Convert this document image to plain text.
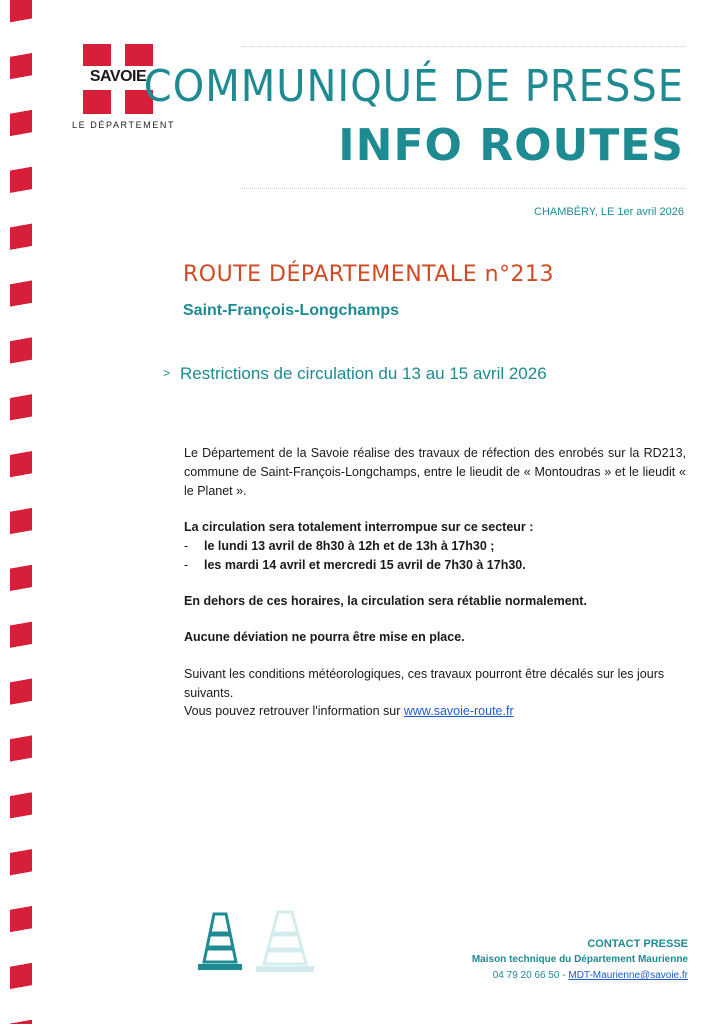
SAVOIE
LE DÉPARTEMENT
COMMUNIQUÉ DE PRESSE
INFO ROUTES
CHAMBÉRY, LE 1er avril 2026
ROUTE DÉPARTEMENTALE n°213
Saint-François-Longchamps
> Restrictions de circulation du 13 au 15 avril 2026

Le Département de la Savoie réalise des travaux de réfection des enrobés sur la RD213, commune de Saint-François-Longchamps, entre le lieudit de « Montoudras » et le lieudit « le Planet ».

La circulation sera totalement interrompue sur ce secteur :

- le lundi 13 avril de 8h30 à 12h et de 13h à 17h30 ;
- les mardi 14 avril et mercredi 15 avril de 7h30 à 17h30.
En dehors de ces horaires, la circulation sera rétablie normalement.
Aucune déviation ne pourra être mise en place.
Suivant les conditions météorologiques, ces travaux pourront être décalés sur les jours suivants.
Vous pouvez retrouver l'information sur www.savoie-route.fr
CONTACT PRESSE
Maison technique du Département Maurienne
04 79 20 66 50 - MDT-Maurienne@savoie.fr
